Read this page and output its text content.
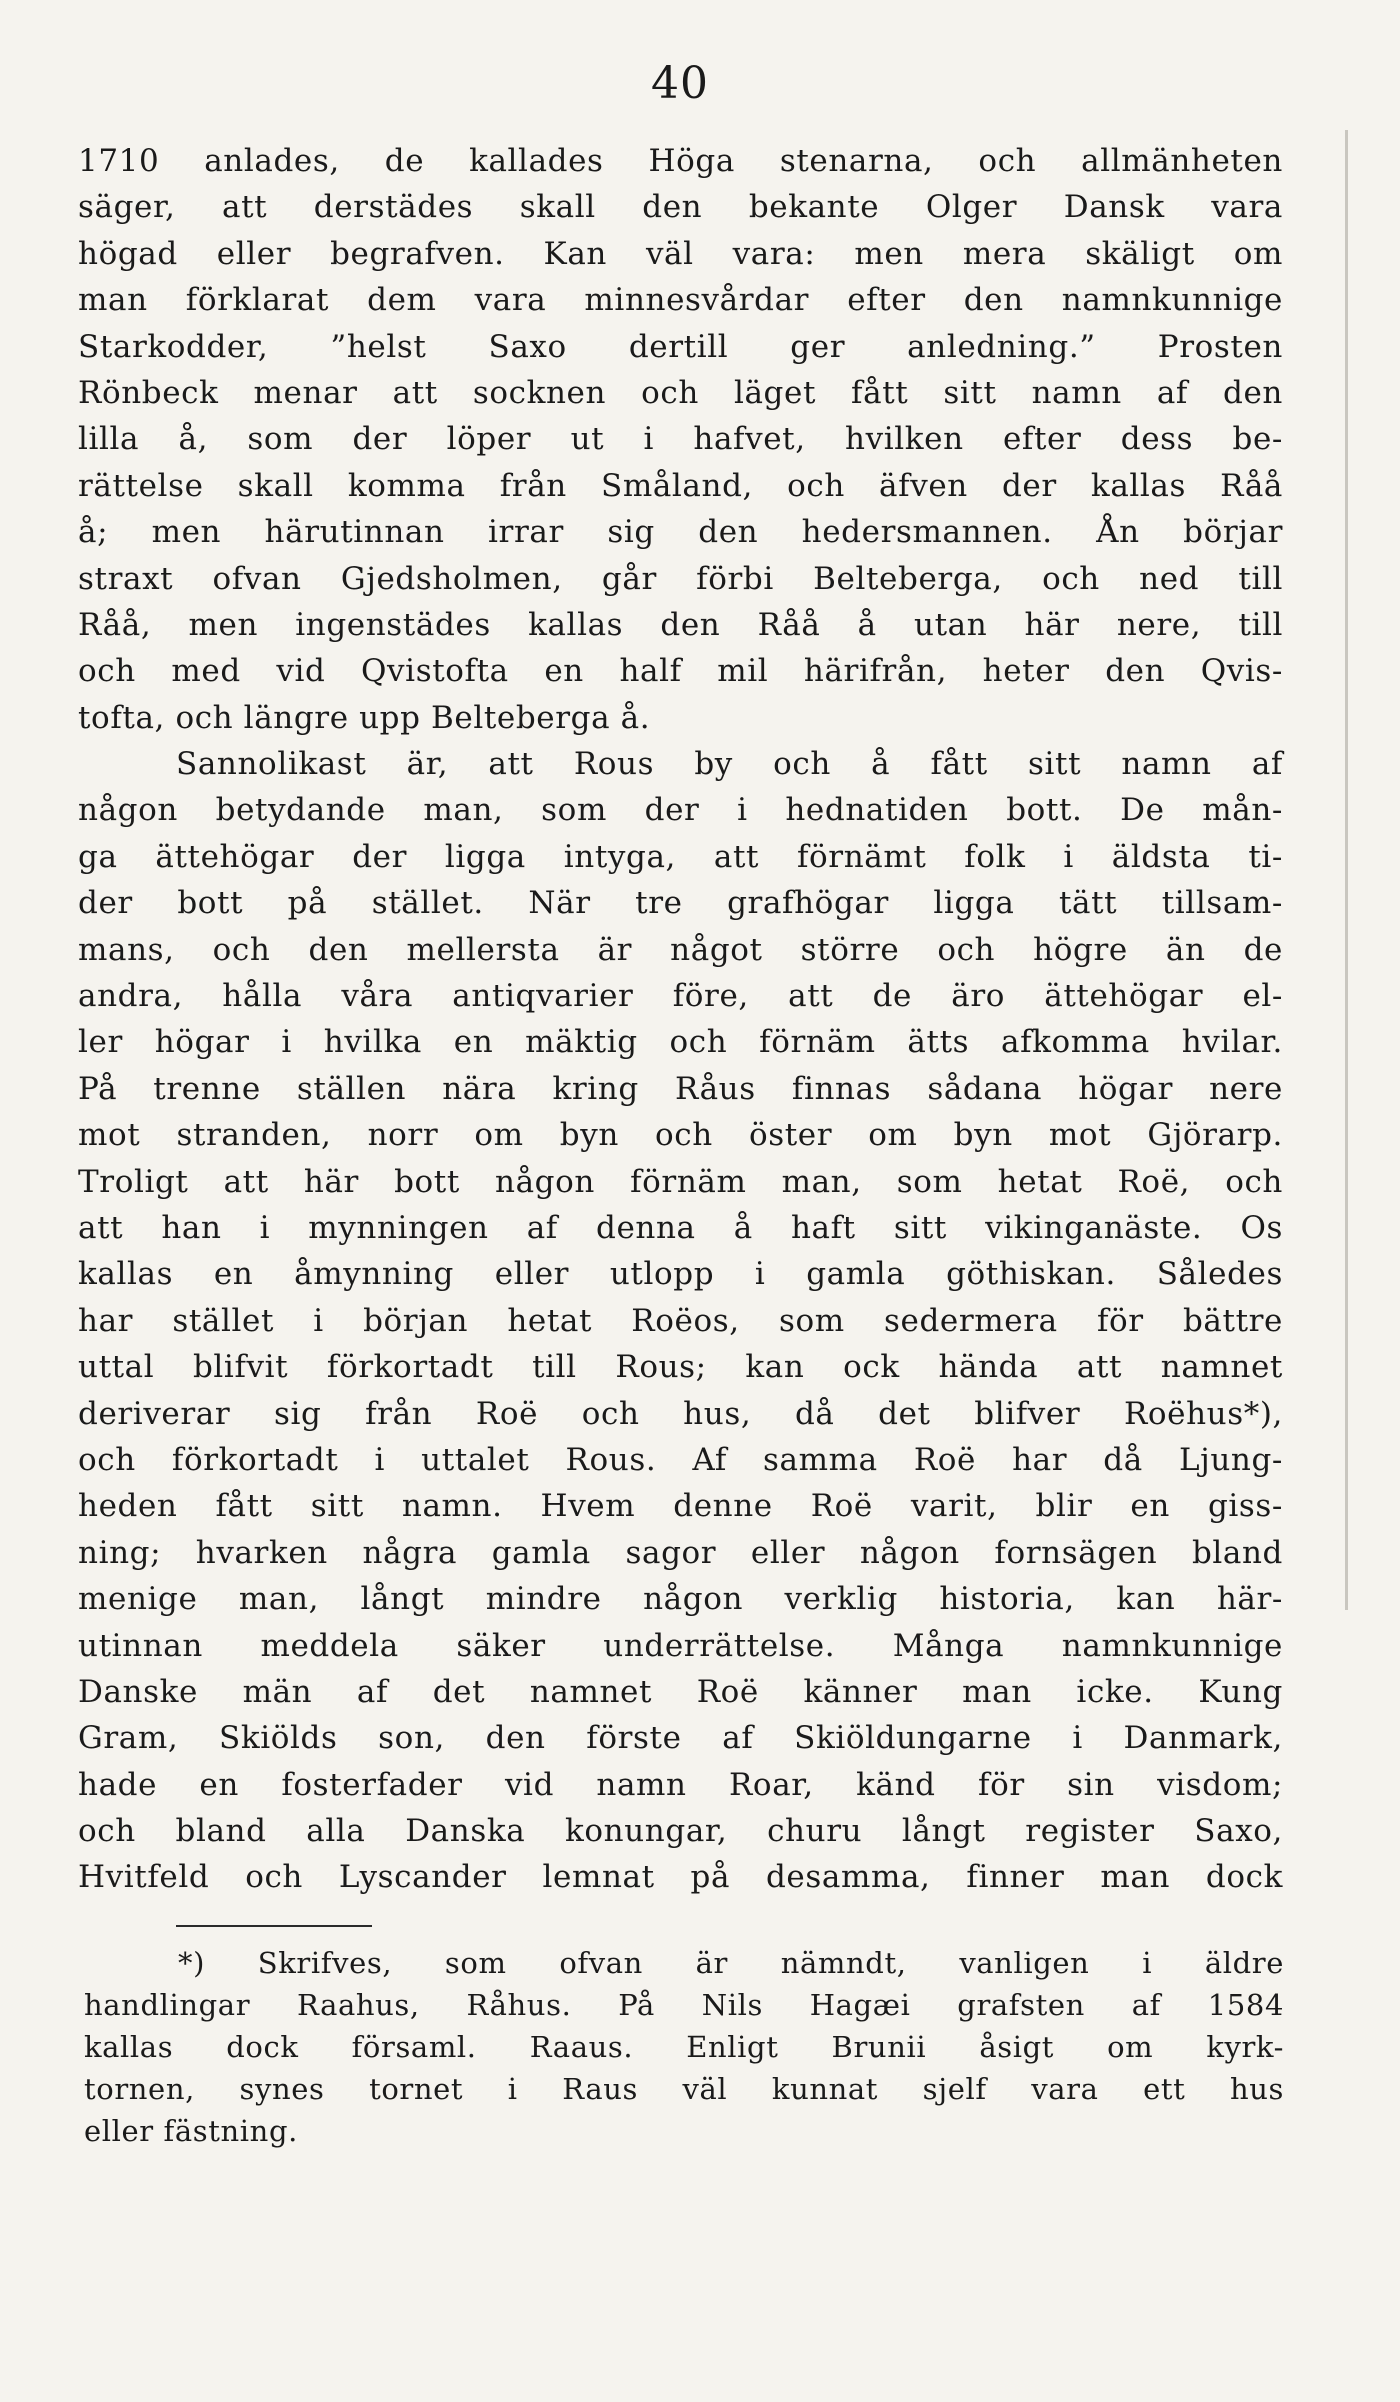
40
1710 anlades, de kallades Höga stenarna, och allmänheten
säger, att derstädes skall den bekante Olger Dansk vara
högad eller begrafven. Kan väl vara: men mera skäligt om
man förklarat dem vara minnesvårdar efter den namnkunnige
Starkodder, ”helst Saxo dertill ger anledning.” Prosten
Rönbeck menar att socknen och läget fått sitt namn af den
lilla å, som der löper ut i hafvet, hvilken efter dess be-
rättelse skall komma från Småland, och äfven der kallas Råå
å; men härutinnan irrar sig den hedersmannen. Ån börjar
straxt ofvan Gjedsholmen, går förbi Belteberga, och ned till
Råå, men ingenstädes kallas den Råå å utan här nere, till
och med vid Qvistofta en half mil härifrån, heter den Qvis-
tofta, och längre upp Belteberga å.
Sannolikast är, att Rous by och å fått sitt namn af
någon betydande man, som der i hednatiden bott. De mån-
ga ättehögar der ligga intyga, att förnämt folk i äldsta ti-
der bott på stället. När tre grafhögar ligga tätt tillsam-
mans, och den mellersta är något större och högre än de
andra, hålla våra antiqvarier före, att de äro ättehögar el-
ler högar i hvilka en mäktig och förnäm ätts afkomma hvilar.
På trenne ställen nära kring Råus finnas sådana högar nere
mot stranden, norr om byn och öster om byn mot Gjörarp.
Troligt att här bott någon förnäm man, som hetat Roë, och
att han i mynningen af denna å haft sitt vikinganäste. Os
kallas en åmynning eller utlopp i gamla göthiskan. Således
har stället i början hetat Roëos, som sedermera för bättre
uttal blifvit förkortadt till Rous; kan ock hända att namnet
deriverar sig från Roë och hus, då det blifver Roëhus*),
och förkortadt i uttalet Rous. Af samma Roë har då Ljung-
heden fått sitt namn. Hvem denne Roë varit, blir en giss-
ning; hvarken några gamla sagor eller någon fornsägen bland
menige man, långt mindre någon verklig historia, kan här-
utinnan meddela säker underrättelse. Många namnkunnige
Danske män af det namnet Roë känner man icke. Kung
Gram, Skiölds son, den förste af Skiöldungarne i Danmark,
hade en fosterfader vid namn Roar, känd för sin visdom;
och bland alla Danska konungar, churu långt register Saxo,
Hvitfeld och Lyscander lemnat på desamma, finner man dock
*) Skrifves, som ofvan är nämndt, vanligen i äldre
handlingar Raahus, Råhus. På Nils Hagæi grafsten af 1584
kallas dock församl. Raaus. Enligt Brunii åsigt om kyrk-
tornen, synes tornet i Raus väl kunnat sjelf vara ett hus
eller fästning.
